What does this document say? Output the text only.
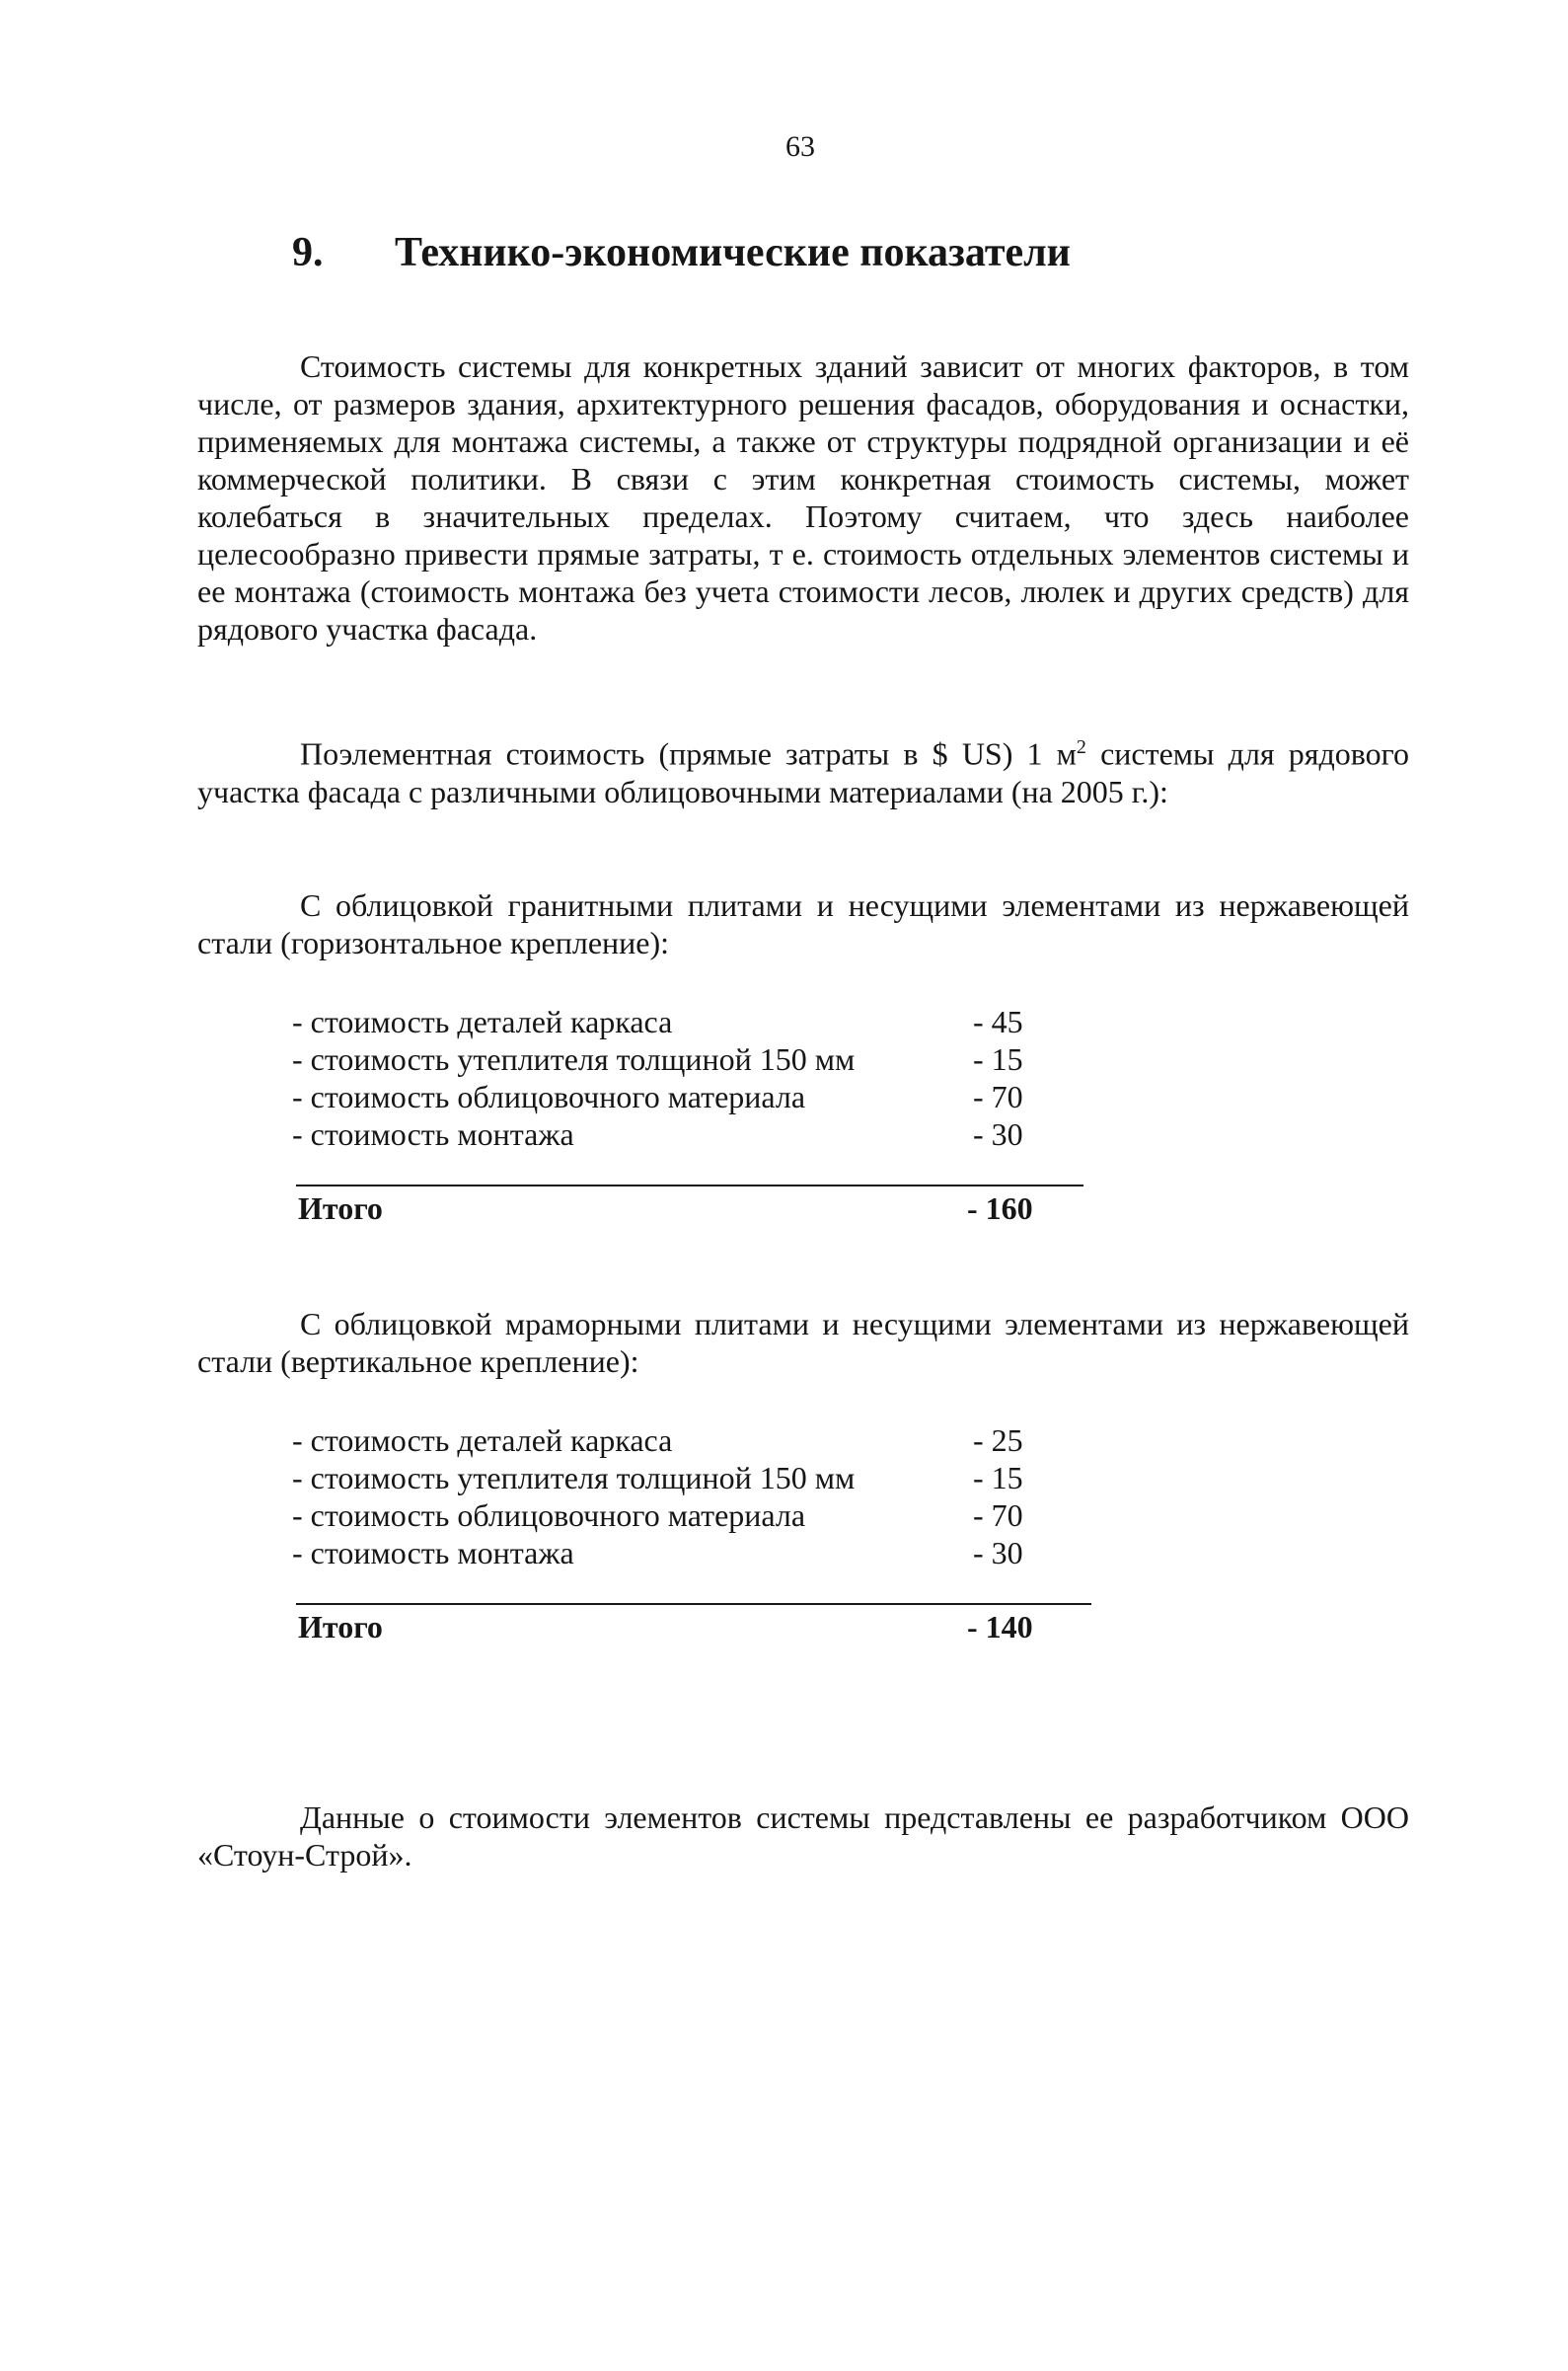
63
9. Технико-экономические показатели

Стоимость системы для конкретных зданий зависит от многих факторов, в том числе, от размеров здания, архитектурного решения фасадов, оборудования и оснастки, применяемых для монтажа системы, а также от структуры подрядной организации и её коммерческой политики. В связи с этим конкретная стоимость системы, может колебаться в значительных пределах. Поэтому считаем, что здесь наиболее целесообразно привести прямые затраты, т е. стоимость отдельных элементов системы и ее монтажа (стоимость монтажа без учета стоимости лесов, люлек и других средств) для рядового участка фасада.

Поэлементная стоимость (прямые затраты в $ US) 1 $м^2$ системы для рядового участка фасада с различными облицовочными материалами (на 2005 г.):

С облицовкой гранитными плитами и несущими элементами из нержавеющей стали (горизонтальное крепление):

- стоимость деталей каркаса	- 45
- стоимость утеплителя толщиной 150 мм	- 15
- стоимость облицовочного материала	- 70
- стоимость монтажа	- 30
Итого	- 160

С облицовкой мраморными плитами и несущими элементами из нержавеющей стали (вертикальное крепление):

- стоимость деталей каркаса	- 25
- стоимость утеплителя толщиной 150 мм	- 15
- стоимость облицовочного материала	- 70
- стоимость монтажа	- 30
Итого	- 140

Данные о стоимости элементов системы представлены ее разработчиком ООО «Стоун-Строй».
